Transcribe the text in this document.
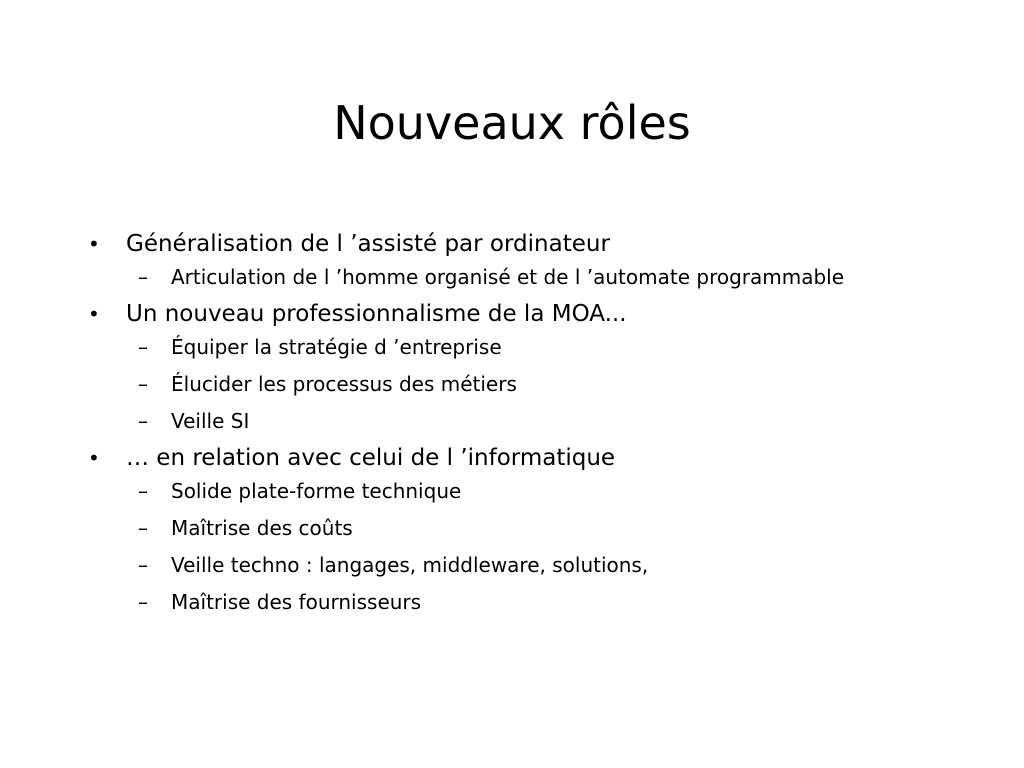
Nouveaux rôles
• Généralisation de l ’assisté par ordinateur
– Articulation de l ’homme organisé et de l ’automate programmable
• Un nouveau professionnalisme de la MOA...
– Équiper la stratégie d ’entreprise
– Élucider les processus des métiers
– Veille SI
• … en relation avec celui de l ’informatique
– Solide plate-forme technique
– Maîtrise des coûts
– Veille techno : langages, middleware, solutions,
– Maîtrise des fournisseurs
